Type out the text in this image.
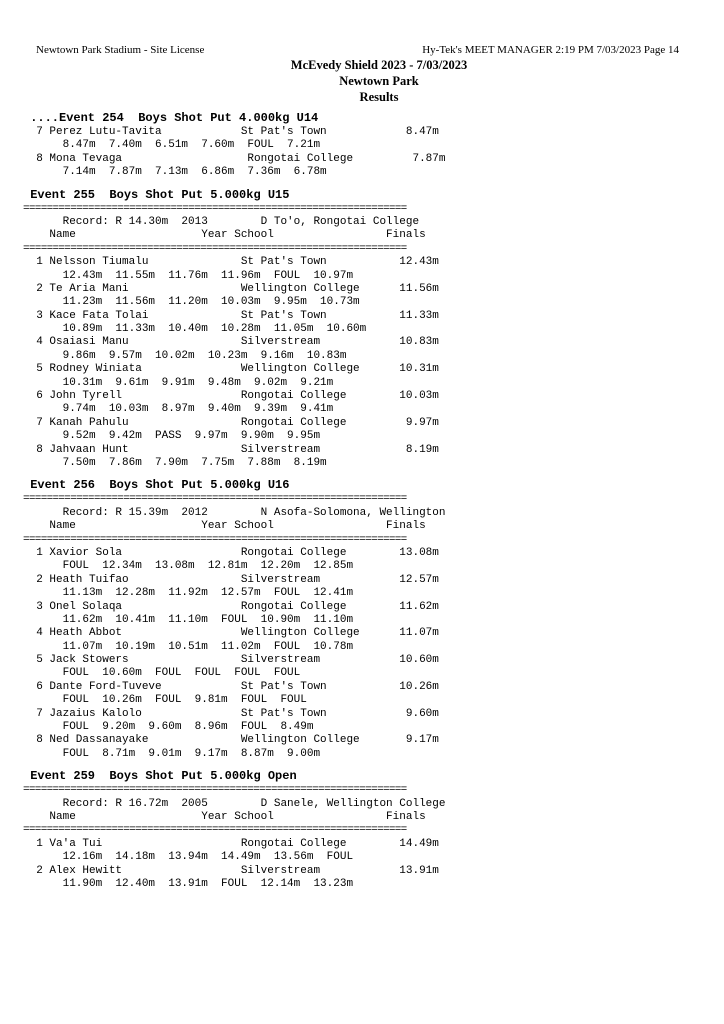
Newtown Park Stadium - Site License	Hy-Tek's MEET MANAGER 2:19 PM 7/03/2023 Page 14
McEvedy Shield 2023 - 7/03/2023
Newtown Park
Results
....Event 254  Boys Shot Put 4.000kg U14
7 Perez Lutu-Tavita            St Pat's Town            8.47m
8.47m  7.40m  6.51m  7.60m  FOUL  7.21m
8 Mona Tevaga                   Rongotai College         7.87m
7.14m  7.87m  7.13m  6.86m  7.36m  6.78m
Event 255  Boys Shot Put 5.000kg U15
=================================================================
Record: R 14.30m  2013        D To'o, Rongotai College
Name                   Year School                 Finals
=================================================================
1 Nelsson Tiumalu              St Pat's Town           12.43m
12.43m  11.55m  11.76m  11.96m  FOUL  10.97m
2 Te Aria Mani                 Wellington College      11.56m
11.23m  11.56m  11.20m  10.03m  9.95m  10.73m
3 Kace Fata Tolai              St Pat's Town           11.33m
10.89m  11.33m  10.40m  10.28m  11.05m  10.60m
4 Osaiasi Manu                 Silverstream            10.83m
9.86m  9.57m  10.02m  10.23m  9.16m  10.83m
5 Rodney Winiata               Wellington College      10.31m
10.31m  9.61m  9.91m  9.48m  9.02m  9.21m
6 John Tyrell                  Rongotai College        10.03m
9.74m  10.03m  8.97m  9.40m  9.39m  9.41m
7 Kanah Pahulu                 Rongotai College         9.97m
9.52m  9.42m  PASS  9.97m  9.90m  9.95m
8 Jahvaan Hunt                 Silverstream             8.19m
7.50m  7.86m  7.90m  7.75m  7.88m  8.19m
Event 256  Boys Shot Put 5.000kg U16
=================================================================
Record: R 15.39m  2012        N Asofa-Solomona, Wellington
Name                   Year School                 Finals
=================================================================
1 Xavior Sola                  Rongotai College        13.08m
FOUL  12.34m  13.08m  12.81m  12.20m  12.85m
2 Heath Tuifao                 Silverstream            12.57m
11.13m  12.28m  11.92m  12.57m  FOUL  12.41m
3 Onel Solaqa                  Rongotai College        11.62m
11.62m  10.41m  11.10m  FOUL  10.90m  11.10m
4 Heath Abbot                  Wellington College      11.07m
11.07m  10.19m  10.51m  11.02m  FOUL  10.78m
5 Jack Stowers                 Silverstream            10.60m
FOUL  10.60m  FOUL  FOUL  FOUL  FOUL
6 Dante Ford-Tuveve            St Pat's Town           10.26m
FOUL  10.26m  FOUL  9.81m  FOUL  FOUL
7 Jazaius Kalolo               St Pat's Town            9.60m
FOUL  9.20m  9.60m  8.96m  FOUL  8.49m
8 Ned Dassanayake              Wellington College       9.17m
FOUL  8.71m  9.01m  9.17m  8.87m  9.00m
Event 259  Boys Shot Put 5.000kg Open
=================================================================
Record: R 16.72m  2005        D Sanele, Wellington College
Name                   Year School                 Finals
=================================================================
1 Va'a Tui                     Rongotai College        14.49m
12.16m  14.18m  13.94m  14.49m  13.56m  FOUL
2 Alex Hewitt                  Silverstream            13.91m
11.90m  12.40m  13.91m  FOUL  12.14m  13.23m
